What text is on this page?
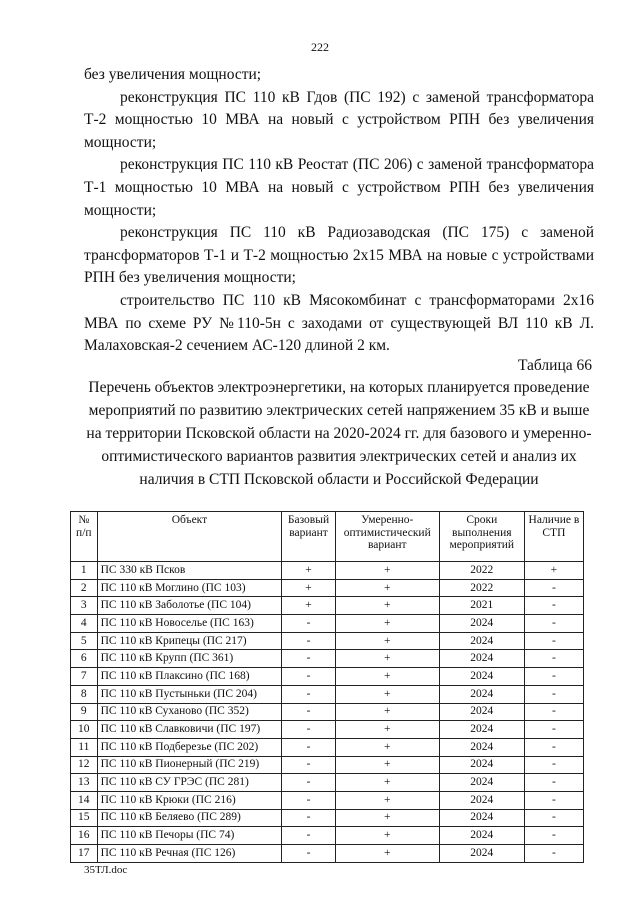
222

без увеличения мощности;

реконструкция ПС 110 кВ Гдов (ПС 192) с заменой трансформатора Т-2 мощностью 10 МВА на новый с устройством РПН без увеличения мощности;

реконструкция ПС 110 кВ Реостат (ПС 206) с заменой трансформатора Т-1 мощностью 10 МВА на новый с устройством РПН без увеличения мощности;

реконструкция ПС 110 кВ Радиозаводская (ПС 175) с заменой трансформаторов Т-1 и Т-2 мощностью 2x15 МВА на новые с устройствами РПН без увеличения мощности;

строительство ПС 110 кВ Мясокомбинат с трансформаторами 2x16 МВА по схеме РУ №110-5н с заходами от существующей ВЛ 110 кВ Л. Малаховская-2 сечением АС-120 длиной 2 км.

Таблица 66
Перечень объектов электроэнергетики, на которых планируется проведение мероприятий по развитию электрических сетей напряжением 35 кВ и выше на территории Псковской области на 2020-2024 гг. для базового и умеренно-оптимистического вариантов развития электрических сетей и анализ их наличия в СТП Псковской области и Российской Федерации
№ п/п	Объект	Базовый вариант	Умеренно-оптимистический вариант	Сроки выполнения мероприятий	Наличие в СТП
1	ПС 330 кВ Псков	+	+	2022	+
2	ПС 110 кВ Моглино (ПС 103)	+	+	2022	-
3	ПС 110 кВ Заболотье (ПС 104)	+	+	2021	-
4	ПС 110 кВ Новоселье (ПС 163)	-	+	2024	-
5	ПС 110 кВ Крипецы (ПС 217)	-	+	2024	-
6	ПС 110 кВ Крупп (ПС 361)	-	+	2024	-
7	ПС 110 кВ Плаксино (ПС 168)	-	+	2024	-
8	ПС 110 кВ Пустыньки (ПС 204)	-	+	2024	-
9	ПС 110 кВ Суханово (ПС 352)	-	+	2024	-
10	ПС 110 кВ Славковичи (ПС 197)	-	+	2024	-
11	ПС 110 кВ Подберезье (ПС 202)	-	+	2024	-
12	ПС 110 кВ Пионерный (ПС 219)	-	+	2024	-
13	ПС 110 кВ СУ ГРЭС (ПС 281)	-	+	2024	-
14	ПС 110 кВ Крюки (ПС 216)	-	+	2024	-
15	ПС 110 кВ Беляево (ПС 289)	-	+	2024	-
16	ПС 110 кВ Печоры (ПС 74)	-	+	2024	-
17	ПС 110 кВ Речная (ПС 126)	-	+	2024	-
35ТЛ.doc
